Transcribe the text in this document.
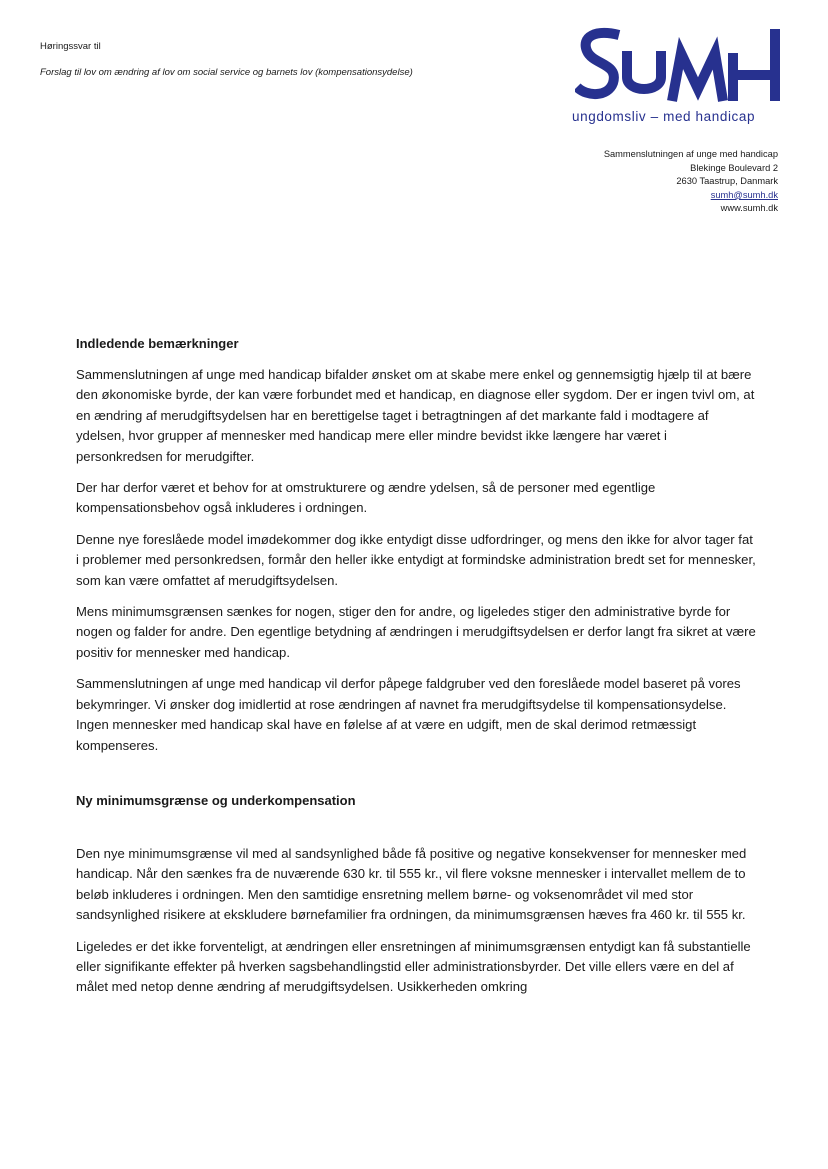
Høringssvar til

Forslag til lov om ændring af lov om social service og barnets lov (kompensationsydelse)

ungdomsliv – med handicap
Sammenslutningen af unge med handicap
Blekinge Boulevard 2
2630 Taastrup, Danmark
sumh@sumh.dk
www.sumh.dk
Indledende bemærkninger

Sammenslutningen af unge med handicap bifalder ønsket om at skabe mere enkel og gennemsigtig hjælp til at bære den økonomiske byrde, der kan være forbundet med et handicap, en diagnose eller sygdom. Der er ingen tvivl om, at en ændring af merudgiftsydelsen har en berettigelse taget i betragtningen af det markante fald i modtagere af ydelsen, hvor grupper af mennesker med handicap mere eller mindre bevidst ikke længere har været i personkredsen for merudgifter.

Der har derfor været et behov for at omstrukturere og ændre ydelsen, så de personer med egentlige kompensationsbehov også inkluderes i ordningen.

Denne nye foreslåede model imødekommer dog ikke entydigt disse udfordringer, og mens den ikke for alvor tager fat i problemer med personkredsen, formår den heller ikke entydigt at formindske administration bredt set for mennesker, som kan være omfattet af merudgiftsydelsen.

Mens minimumsgrænsen sænkes for nogen, stiger den for andre, og ligeledes stiger den administrative byrde for nogen og falder for andre. Den egentlige betydning af ændringen i merudgiftsydelsen er derfor langt fra sikret at være positiv for mennesker med handicap.

Sammenslutningen af unge med handicap vil derfor påpege faldgruber ved den foreslåede model baseret på vores bekymringer. Vi ønsker dog imidlertid at rose ændringen af navnet fra merudgiftsydelse til kompensationsydelse. Ingen mennesker med handicap skal have en følelse af at være en udgift, men de skal derimod retmæssigt kompenseres.

Ny minimumsgrænse og underkompensation

Den nye minimumsgrænse vil med al sandsynlighed både få positive og negative konsekvenser for mennesker med handicap. Når den sænkes fra de nuværende 630 kr. til 555 kr., vil flere voksne mennesker i intervallet mellem de to beløb inkluderes i ordningen. Men den samtidige ensretning mellem børne- og voksenområdet vil med stor sandsynlighed risikere at ekskludere børnefamilier fra ordningen, da minimumsgrænsen hæves fra 460 kr. til 555 kr.

Ligeledes er det ikke forventeligt, at ændringen eller ensretningen af minimumsgrænsen entydigt kan få substantielle eller signifikante effekter på hverken sagsbehandlingstid eller administrationsbyrder. Det ville ellers være en del af målet med netop denne ændring af merudgiftsydelsen. Usikkerheden omkring
